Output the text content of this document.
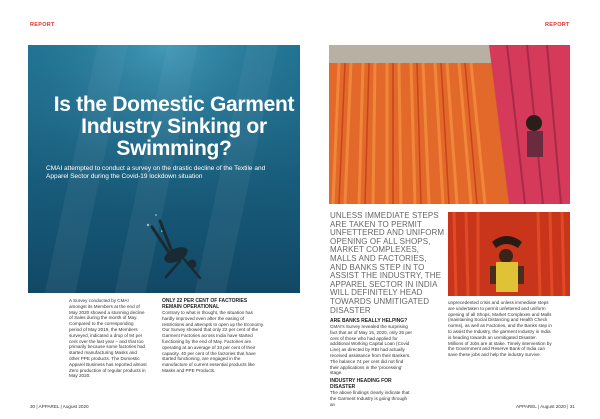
REPORT	REPORT
Is the Domestic Garment Industry Sinking or Swimming?
CMAI attempted to conduct a survey on the drastic decline of the Textile and Apparel Sector during the Covid-19 lockdown situation
A Survey conducted by CMAI amongst its Members at the end of May 2020 showed a stunning decline of Sales during the month of May. Compared to the corresponding period of May 2019, the Members surveyed, indicated a drop of 94 per cent over the last year – and that too primarily because some factories had started manufacturing Masks and other PPE products. The Domestic Apparel Business has reported almost Zero production of regular products in May 2020.
ONLY 22 PER CENT OF FACTORIES REMAIN OPERATIONAL
Contrary to what is thought, the situation has hardly improved even after the easing of restrictions and attempts to open up the Economy. Our Survey showed that only 22 per cent of the Garment Factories across India have started functioning by the end of May. Factories are operating at an average of 33 per cent of their capacity. 40 per cent of the factories that have started functioning, are engaged in the manufacture of current essential products like Masks and PPE Products.
UNLESS IMMEDIATE STEPS ARE TAKEN TO PERMIT UNFETTERED AND UNIFORM OPENING OF ALL SHOPS, MARKET COMPLEXES, MALLS AND FACTORIES, AND BANKS STEP IN TO ASSIST THE INDUSTRY, THE APPAREL SECTOR IN INDIA WILL DEFINITELY HEAD TOWARDS UNMITIGATED DISASTER
ARE BANKS REALLY HELPING?
CMAI's Survey revealed the surprising fact that as of May 15, 2020, only 26 per cent of those who had applied for additional Working Capital Loan (Covid Line) as directed by RBI had actually received assistance from their Bankers. The balance 74 per cent did not find their applications in the 'processing' stage.
INDUSTRY HEADING FOR DISASTER
The above findings clearly indicate that the Garment Industry is going through an
unprecedented crisis and unless immediate steps are undertaken to permit unfettered and uniform opening of all Shops, Market Complexes and Malls (maintaining Social Distancing and Health Check norms), as well as Factories, and the Banks step in to assist the Industry, the garment Industry in India is heading towards an unmitigated Disaster. Millions of Jobs are at stake. Timely intervention by the Government and Reserve Bank of India can save these jobs and help the industry survive.
30 | APPAREL | August 2020	APPAREL | August 2020 | 31
